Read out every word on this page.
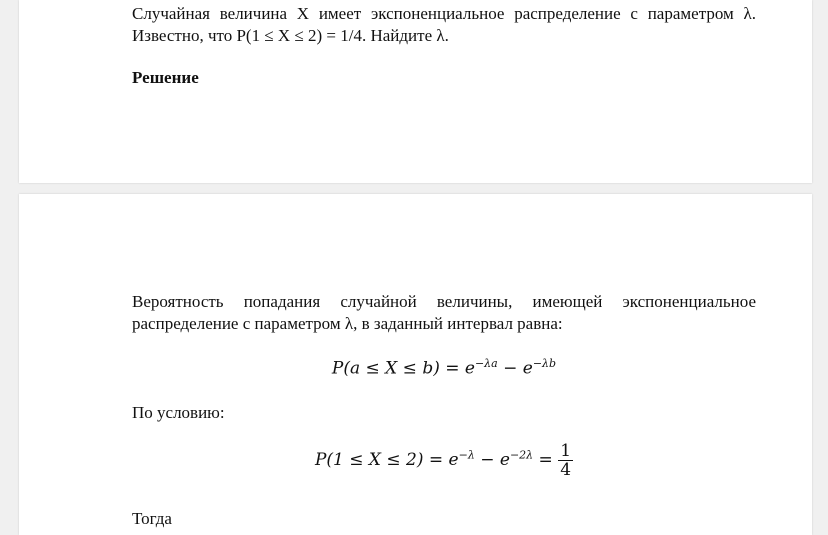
Случайная величина X имеет экспоненциальное распределение с параметром λ. Известно, что P(1 ≤ X ≤ 2) = 1/4. Найдите λ.

Решение

Вероятность попадания случайной величины, имеющей экспоненциальное распределение с параметром λ, в заданный интервал равна:

$P(a \le X \le b) = e^{-\lambda a} - e^{-\lambda b}$

По условию:

$P(1 \le X \le 2) = e^{-\lambda} - e^{-2\lambda} = \frac{1}{4}$

Тогда
